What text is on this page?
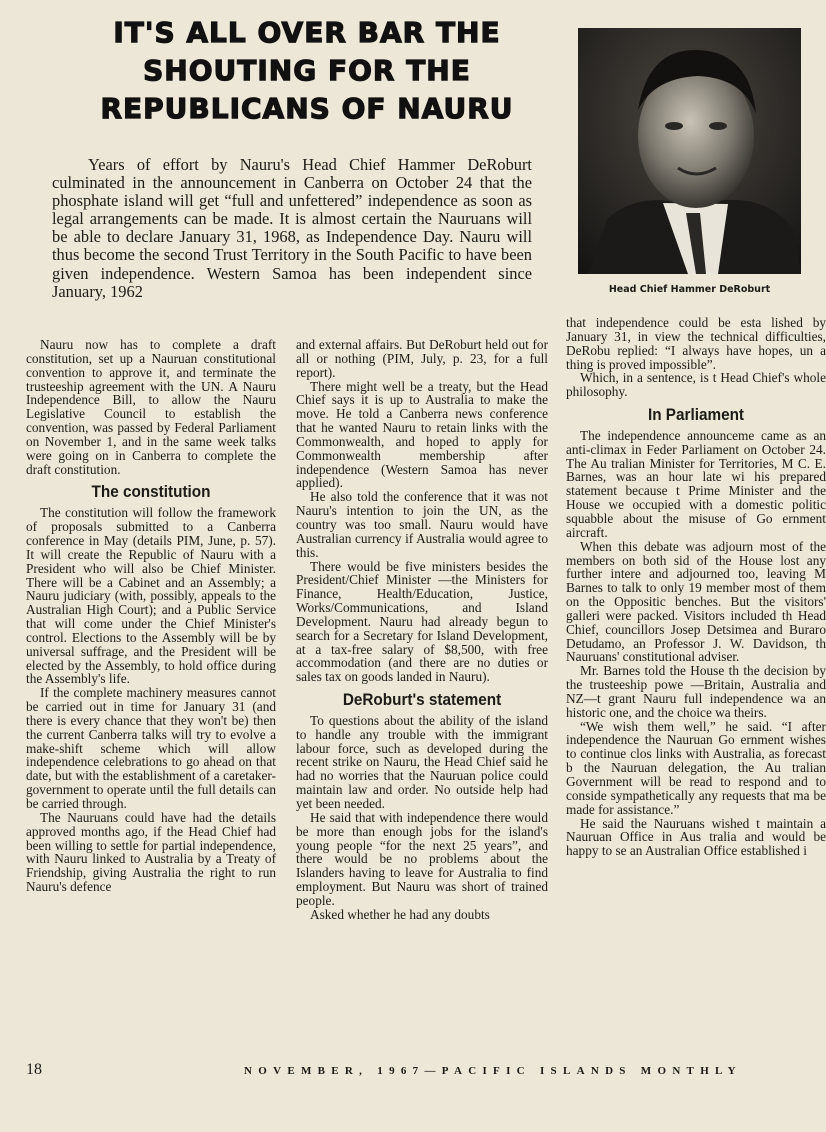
IT'S ALL OVER BAR THE SHOUTING FOR THE REPUBLICANS OF NAURU

Years of effort by Nauru's Head Chief Hammer DeRoburt culminated in the announcement in Canberra on October 24 that the phosphate island will get “full and unfettered” independence as soon as legal arrangements can be made. It is almost certain the Nauruans will be able to declare January 31, 1968, as Independence Day. Nauru will thus become the second Trust Territory in the South Pacific to have been given independence. Western Samoa has been independent since January, 1962	Head Chief Hammer DeRoburt

Nauru now has to complete a draft constitution, set up a Nauruan constitutional convention to approve it, and terminate the trusteeship agreement with the UN. A Nauru Independence Bill, to allow the Nauru Legislative Council to establish the convention, was passed by Federal Parliament on November 1, and in the same week talks were going on in Canberra to complete the draft constitution.

The constitution

The constitution will follow the framework of proposals submitted to a Canberra conference in May (details PIM, June, p. 57). It will create the Republic of Nauru with a President who will also be Chief Minister. There will be a Cabinet and an Assembly; a Nauru judiciary (with, possibly, appeals to the Australian High Court); and a Public Service that will come under the Chief Minister's control. Elections to the Assembly will be by universal suffrage, and the President will be elected by the Assembly, to hold office during the Assembly's life.

If the complete machinery measures cannot be carried out in time for January 31 (and there is every chance that they won't be) then the current Canberra talks will try to evolve a make-shift scheme which will allow independence celebrations to go ahead on that date, but with the establishment of a caretaker-government to operate until the full details can be carried through.

The Nauruans could have had the details approved months ago, if the Head Chief had been willing to settle for partial independence, with Nauru linked to Australia by a Treaty of Friendship, giving Australia the right to run Nauru's defence

and external affairs. But DeRoburt held out for all or nothing (PIM, July, p. 23, for a full report).

There might well be a treaty, but the Head Chief says it is up to Australia to make the move. He told a Canberra news conference that he wanted Nauru to retain links with the Commonwealth, and hoped to apply for Commonwealth membership after independence (Western Samoa has never applied).

He also told the conference that it was not Nauru's intention to join the UN, as the country was too small. Nauru would have Australian currency if Australia would agree to this.

There would be five ministers besides the President/Chief Minister —the Ministers for Finance, Health/Education, Justice, Works/Communications, and Island Development. Nauru had already begun to search for a Secretary for Island Development, at a tax-free salary of $8,500, with free accommodation (and there are no duties or sales tax on goods landed in Nauru).

DeRoburt's statement

To questions about the ability of the island to handle any trouble with the immigrant labour force, such as developed during the recent strike on Nauru, the Head Chief said he had no worries that the Nauruan police could maintain law and order. No outside help had yet been needed.

He said that with independence there would be more than enough jobs for the island's young people “for the next 25 years”, and there would be no problems about the Islanders having to leave for Australia to find employment. But Nauru was short of trained people.

Asked whether he had any doubts

that independence could be esta lished by January 31, in view the technical difficulties, DeRobu replied: “I always have hopes, un a thing is proved impossible”.

Which, in a sentence, is t Head Chief's whole philosophy.

In Parliament

The independence announceme came as an anti-climax in Feder Parliament on October 24. The Au tralian Minister for Territories, M C. E. Barnes, was an hour late wi his prepared statement because t Prime Minister and the House we occupied with a domestic politic squabble about the misuse of Go ernment aircraft.

When this debate was adjourn most of the members on both sid of the House lost any further intere and adjourned too, leaving M Barnes to talk to only 19 member most of them on the Oppositic benches. But the visitors' galleri were packed. Visitors included th Head Chief, councillors Josep Detsimea and Buraro Detudamo, an Professor J. W. Davidson, th Nauruans' constitutional adviser.

Mr. Barnes told the House th the decision by the trusteeship powe —Britain, Australia and NZ—t grant Nauru full independence wa an historic one, and the choice wa theirs.

“We wish them well,” he said. “I after independence the Nauruan Go ernment wishes to continue clos links with Australia, as forecast b the Nauruan delegation, the Au tralian Government will be read to respond and to conside sympathetically any requests that ma be made for assistance.”

He said the Nauruans wished t maintain a Nauruan Office in Aus tralia and would be happy to se an Australian Office established i

18	NOVEMBER, 1967—PACIFIC ISLANDS MONTHLY
